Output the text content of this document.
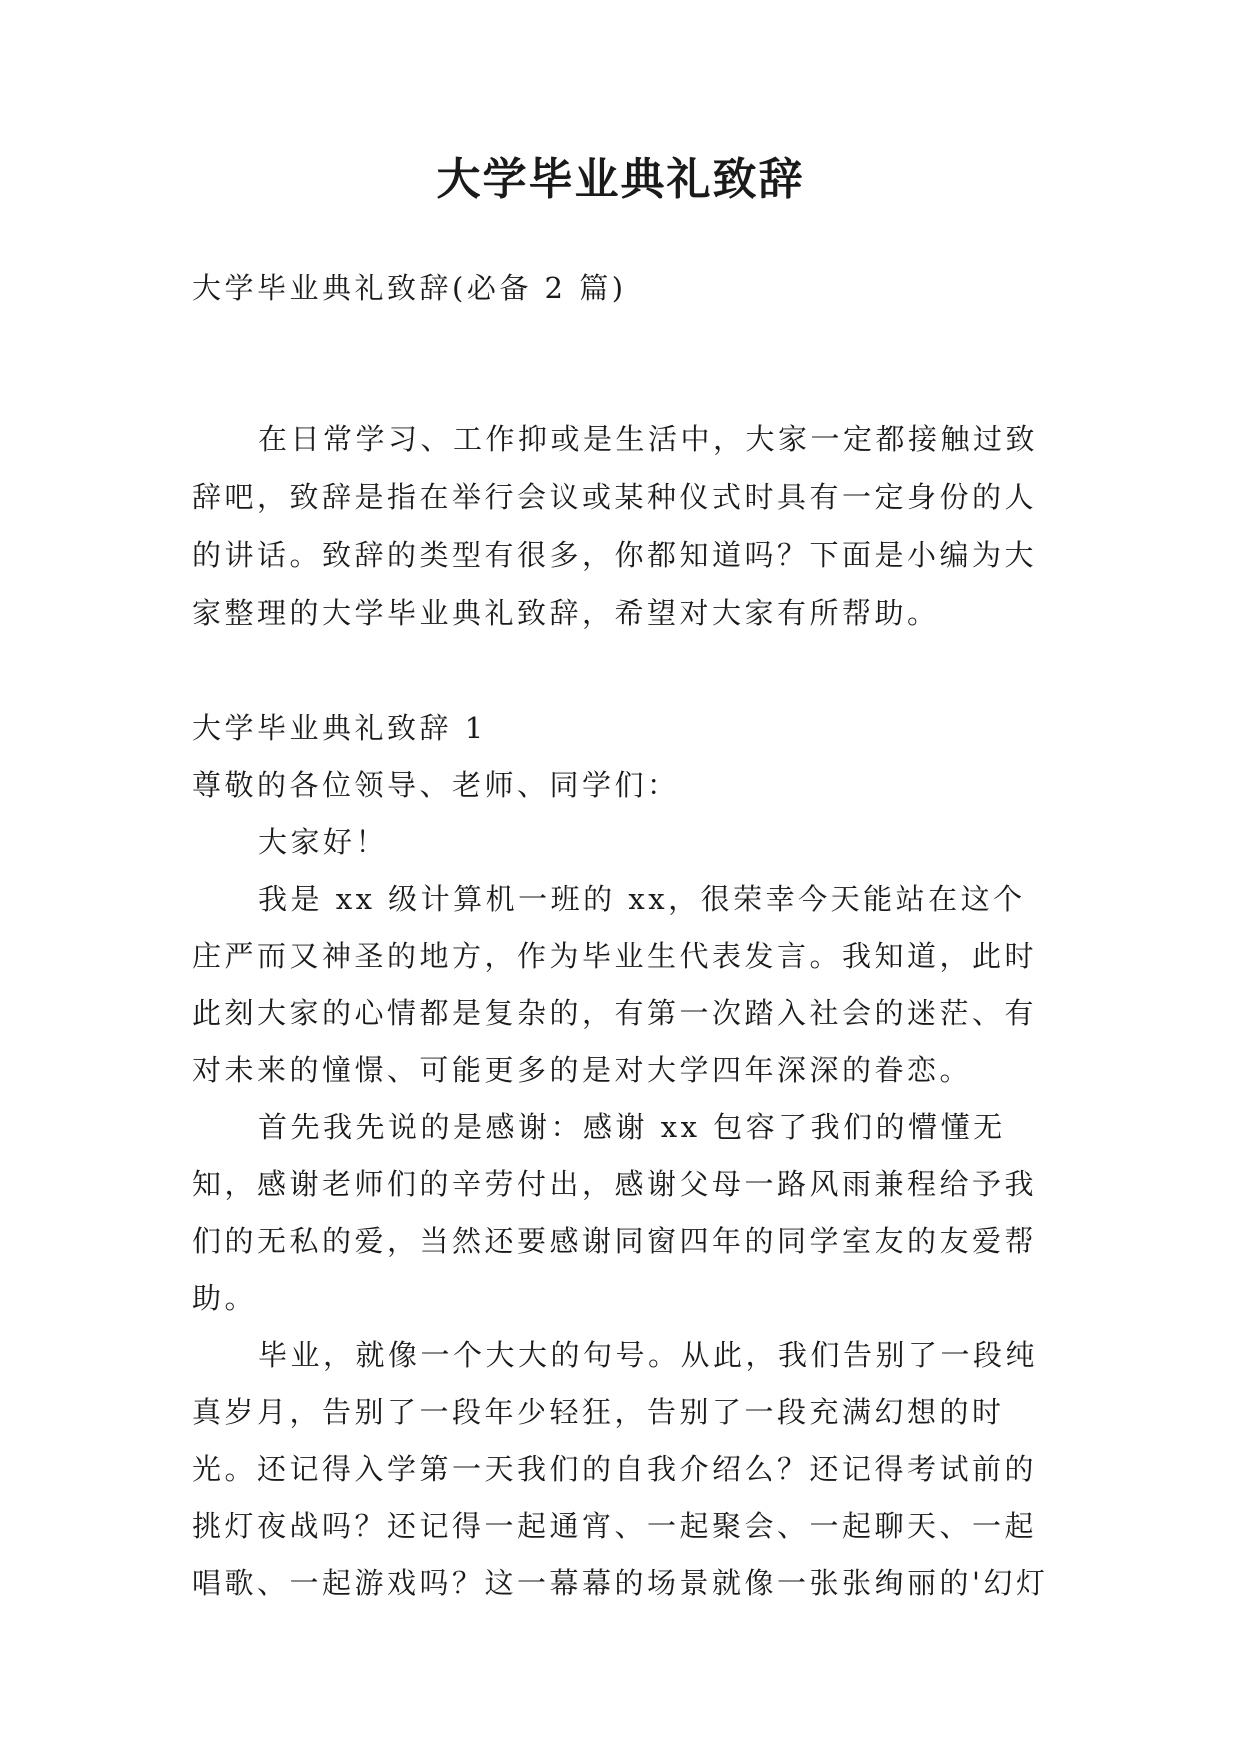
大学毕业典礼致辞

大学毕业典礼致辞(必备 2 篇)

在日常学习、工作抑或是生活中，大家一定都接触过致辞吧，致辞是指在举行会议或某种仪式时具有一定身份的人的讲话。致辞的类型有很多，你都知道吗？下面是小编为大家整理的大学毕业典礼致辞，希望对大家有所帮助。

大学毕业典礼致辞 1

尊敬的各位领导、老师、同学们：

大家好！

我是 xx 级计算机一班的 xx，很荣幸今天能站在这个庄严而又神圣的地方，作为毕业生代表发言。我知道，此时此刻大家的心情都是复杂的，有第一次踏入社会的迷茫、有对未来的憧憬、可能更多的是对大学四年深深的眷恋。

首先我先说的是感谢：感谢 xx 包容了我们的懵懂无知，感谢老师们的辛劳付出，感谢父母一路风雨兼程给予我们的无私的爱，当然还要感谢同窗四年的同学室友的友爱帮助。

毕业，就像一个大大的句号。从此，我们告别了一段纯真岁月，告别了一段年少轻狂，告别了一段充满幻想的时光。还记得入学第一天我们的自我介绍么？还记得考试前的挑灯夜战吗？还记得一起通宵、一起聚会、一起聊天、一起唱歌、一起游戏吗？这一幕幕的场景就像一张张绚丽的'幻灯
